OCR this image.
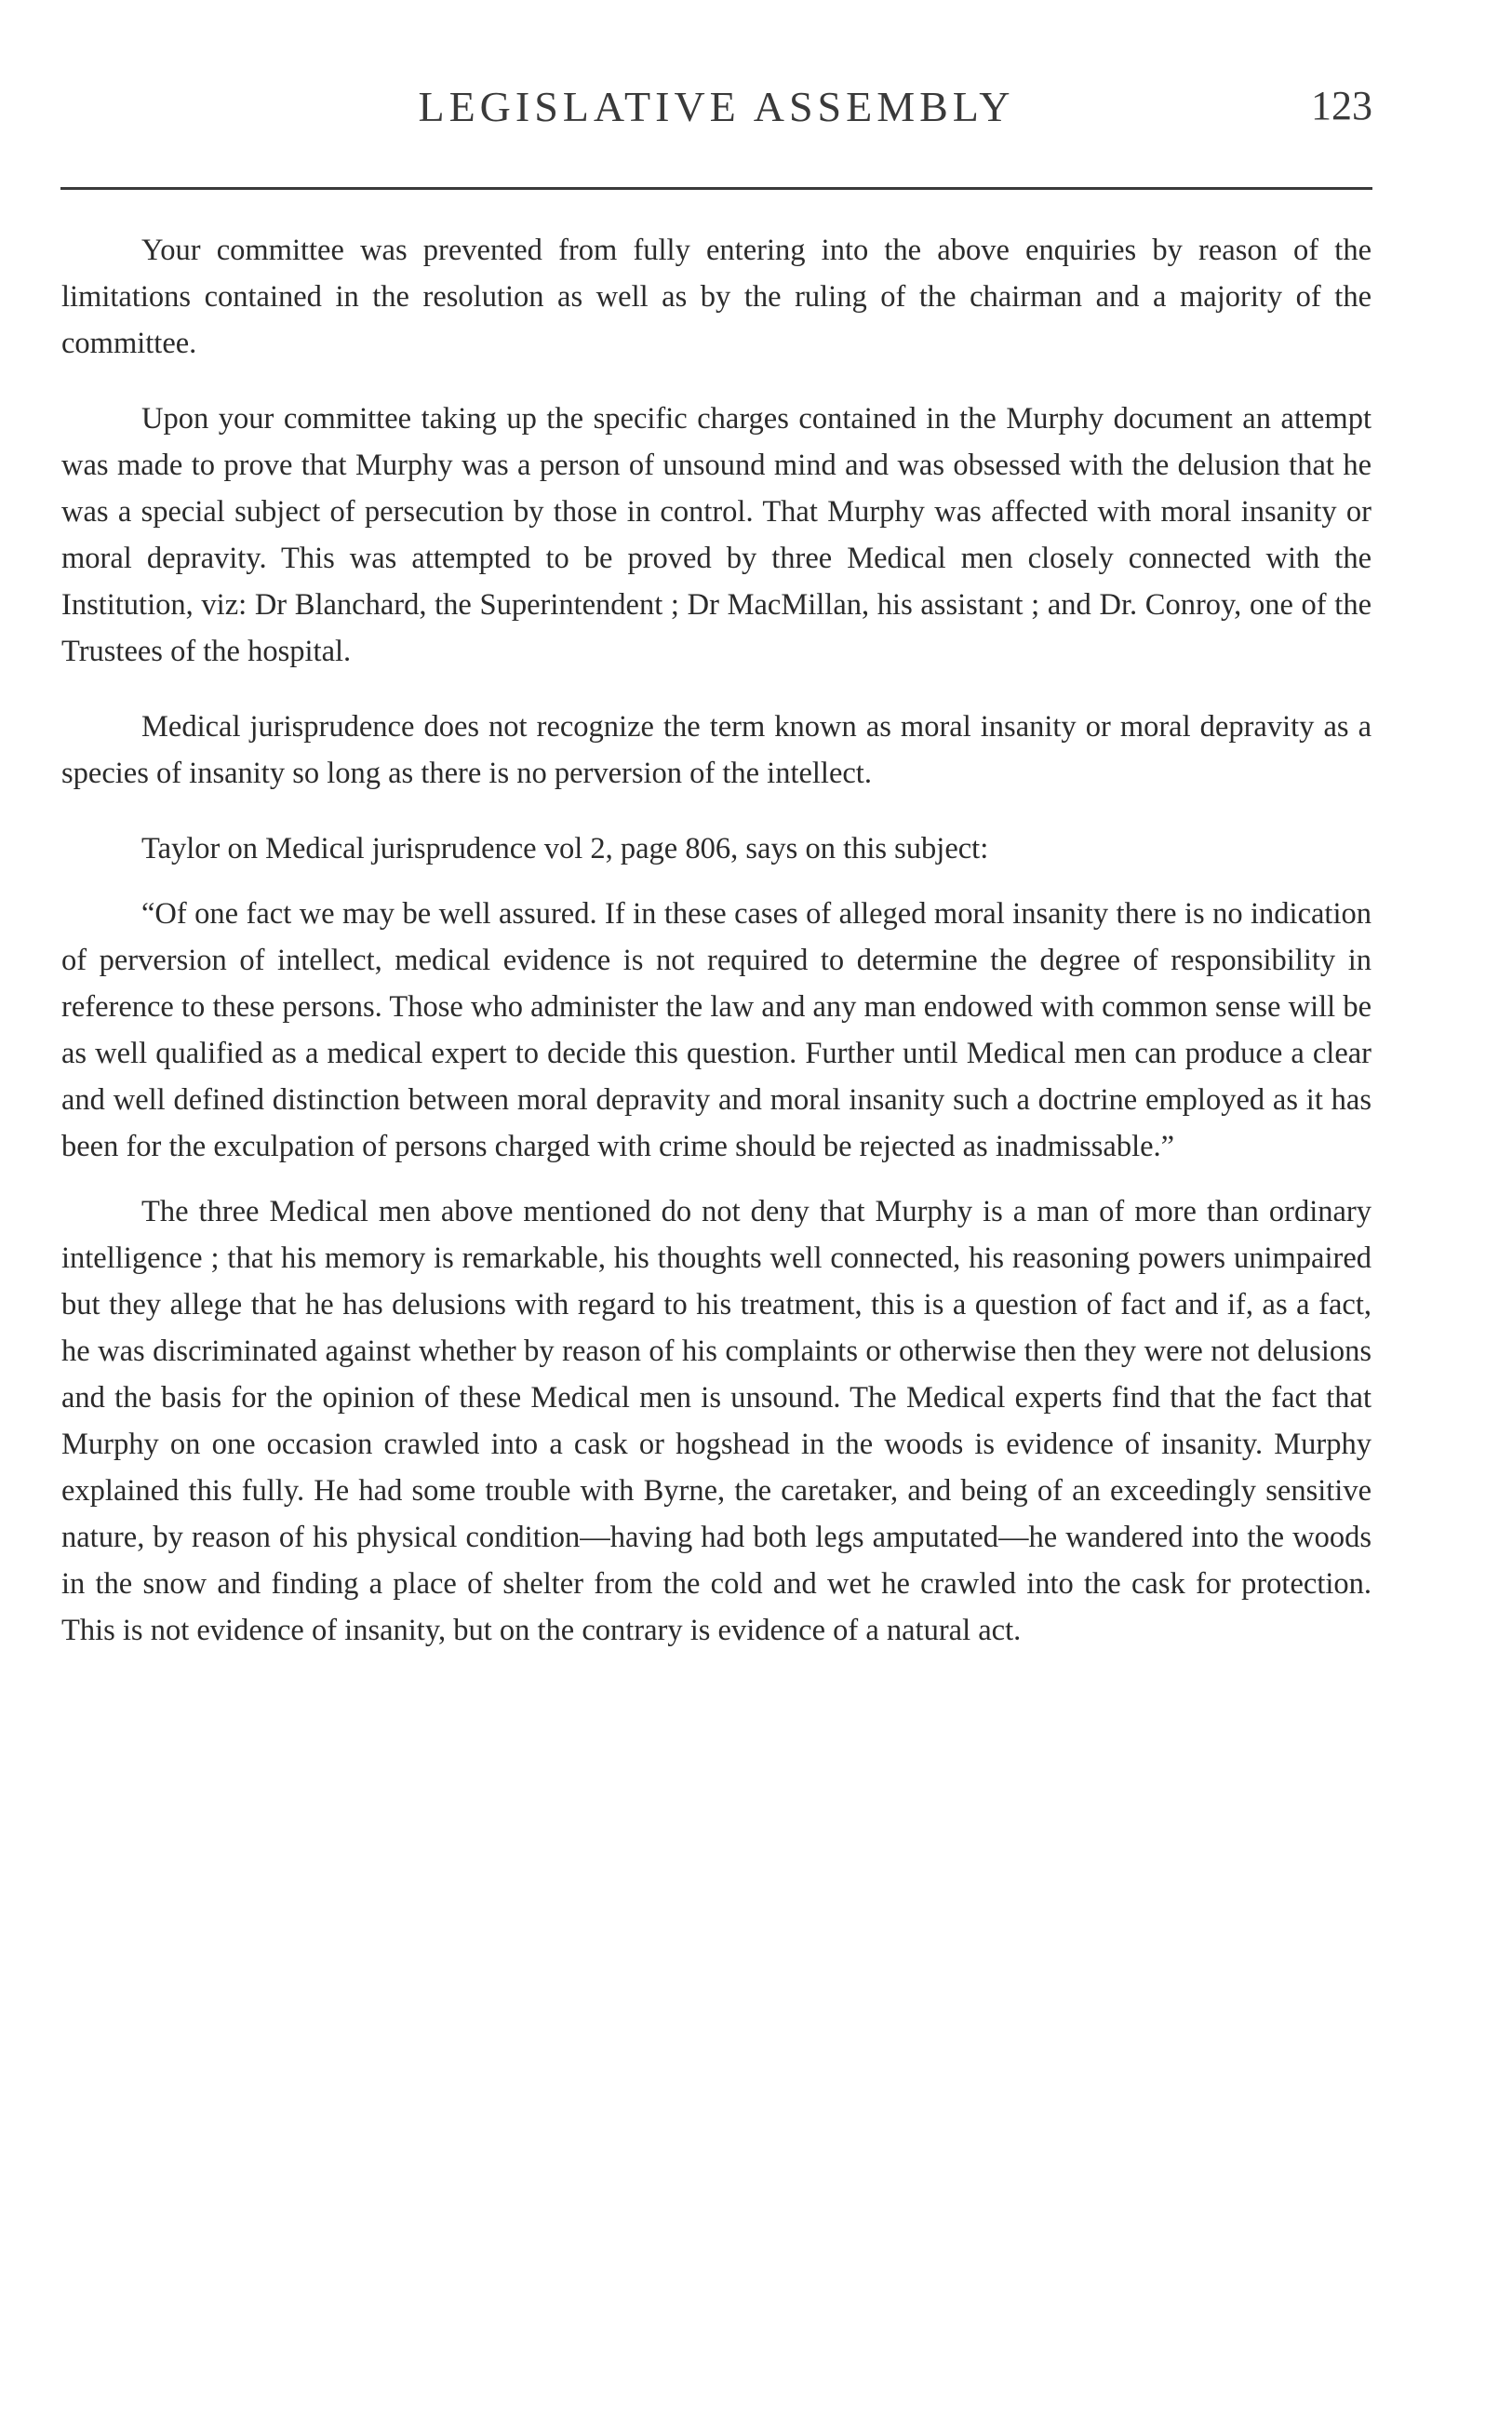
LEGISLATIVE ASSEMBLY	123

Your committee was prevented from fully entering into the above enquiries by reason of the limitations contained in the resolution as well as by the ruling of the chairman and a majority of the committee.

Upon your committee taking up the specific charges contained in the Murphy document an attempt was made to prove that Murphy was a person of unsound mind and was obsessed with the delusion that he was a special subject of persecution by those in control. That Murphy was affected with moral insanity or moral depravity. This was attempted to be proved by three Medical men closely connected with the Institution, viz: Dr Blanchard, the Superintendent ; Dr MacMillan, his assistant ; and Dr. Conroy, one of the Trustees of the hospital.

Medical jurisprudence does not recognize the term known as moral insanity or moral depravity as a species of insanity so long as there is no perversion of the intellect.

Taylor on Medical jurisprudence vol 2, page 806, says on this subject:

“Of one fact we may be well assured. If in these cases of alleged moral insanity there is no indication of perversion of intellect, medical evidence is not required to determine the degree of responsibility in reference to these persons. Those who administer the law and any man endowed with common sense will be as well qualified as a medical expert to decide this question. Further until Medical men can produce a clear and well defined distinction between moral depravity and moral insanity such a doctrine employed as it has been for the exculpation of persons charged with crime should be rejected as inadmissable.”

The three Medical men above mentioned do not deny that Murphy is a man of more than ordinary intelligence ; that his memory is remarkable, his thoughts well connected, his reasoning powers unimpaired but they allege that he has delusions with regard to his treatment, this is a question of fact and if, as a fact, he was discriminated against whether by reason of his complaints or otherwise then they were not delusions and the basis for the opinion of these Medical men is unsound. The Medical experts find that the fact that Murphy on one occasion crawled into a cask or hogshead in the woods is evidence of insanity. Murphy explained this fully. He had some trouble with Byrne, the caretaker, and being of an exceedingly sensitive nature, by reason of his physical condition—having had both legs amputated—he wandered into the woods in the snow and finding a place of shelter from the cold and wet he crawled into the cask for protection. This is not evidence of insanity, but on the contrary is evidence of a natural act.
